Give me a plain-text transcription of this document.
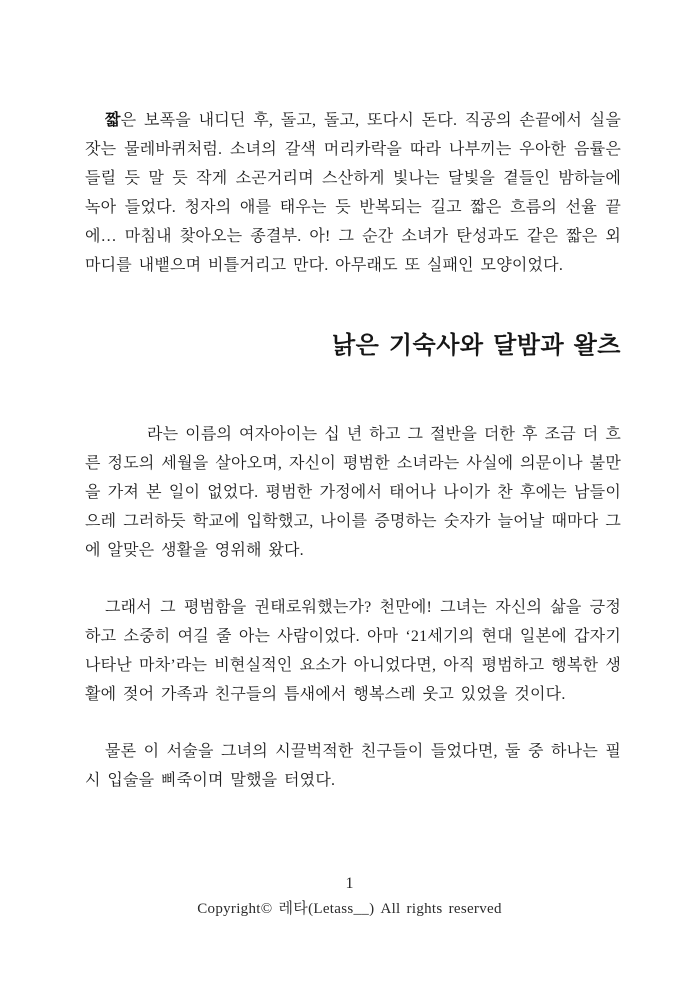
짧은 보폭을 내디딘 후, 돌고, 돌고, 또다시 돈다. 직공의 손끝에서 실을 잣는 물레바퀴처럼. 소녀의 갈색 머리카락을 따라 나부끼는 우아한 음률은 들릴 듯 말 듯 작게 소곤거리며 스산하게 빛나는 달빛을 곁들인 밤하늘에 녹아 들었다. 청자의 애를 태우는 듯 반복되는 길고 짧은 흐름의 선율 끝에… 마침내 찾아오는 종결부. 아! 그 순간 소녀가 탄성과도 같은 짧은 외마디를 내뱉으며 비틀거리고 만다. 아무래도 또 실패인 모양이었다.

낡은 기숙사와 달밤과 왈츠

라는 이름의 여자아이는 십 년 하고 그 절반을 더한 후 조금 더 흐른 정도의 세월을 살아오며, 자신이 평범한 소녀라는 사실에 의문이나 불만을 가져 본 일이 없었다. 평범한 가정에서 태어나 나이가 찬 후에는 남들이 으레 그러하듯 학교에 입학했고, 나이를 증명하는 숫자가 늘어날 때마다 그에 알맞은 생활을 영위해 왔다.

그래서 그 평범함을 권태로워했는가? 천만에! 그녀는 자신의 삶을 긍정하고 소중히 여길 줄 아는 사람이었다. 아마 ‘21세기의 현대 일본에 갑자기 나타난 마차’라는 비현실적인 요소가 아니었다면, 아직 평범하고 행복한 생활에 젖어 가족과 친구들의 틈새에서 행복스레 웃고 있었을 것이다.

물론 이 서술을 그녀의 시끌벅적한 친구들이 들었다면, 둘 중 하나는 필시 입술을 삐죽이며 말했을 터였다.

1
Copyright© 레타(Letass__) All rights reserved
